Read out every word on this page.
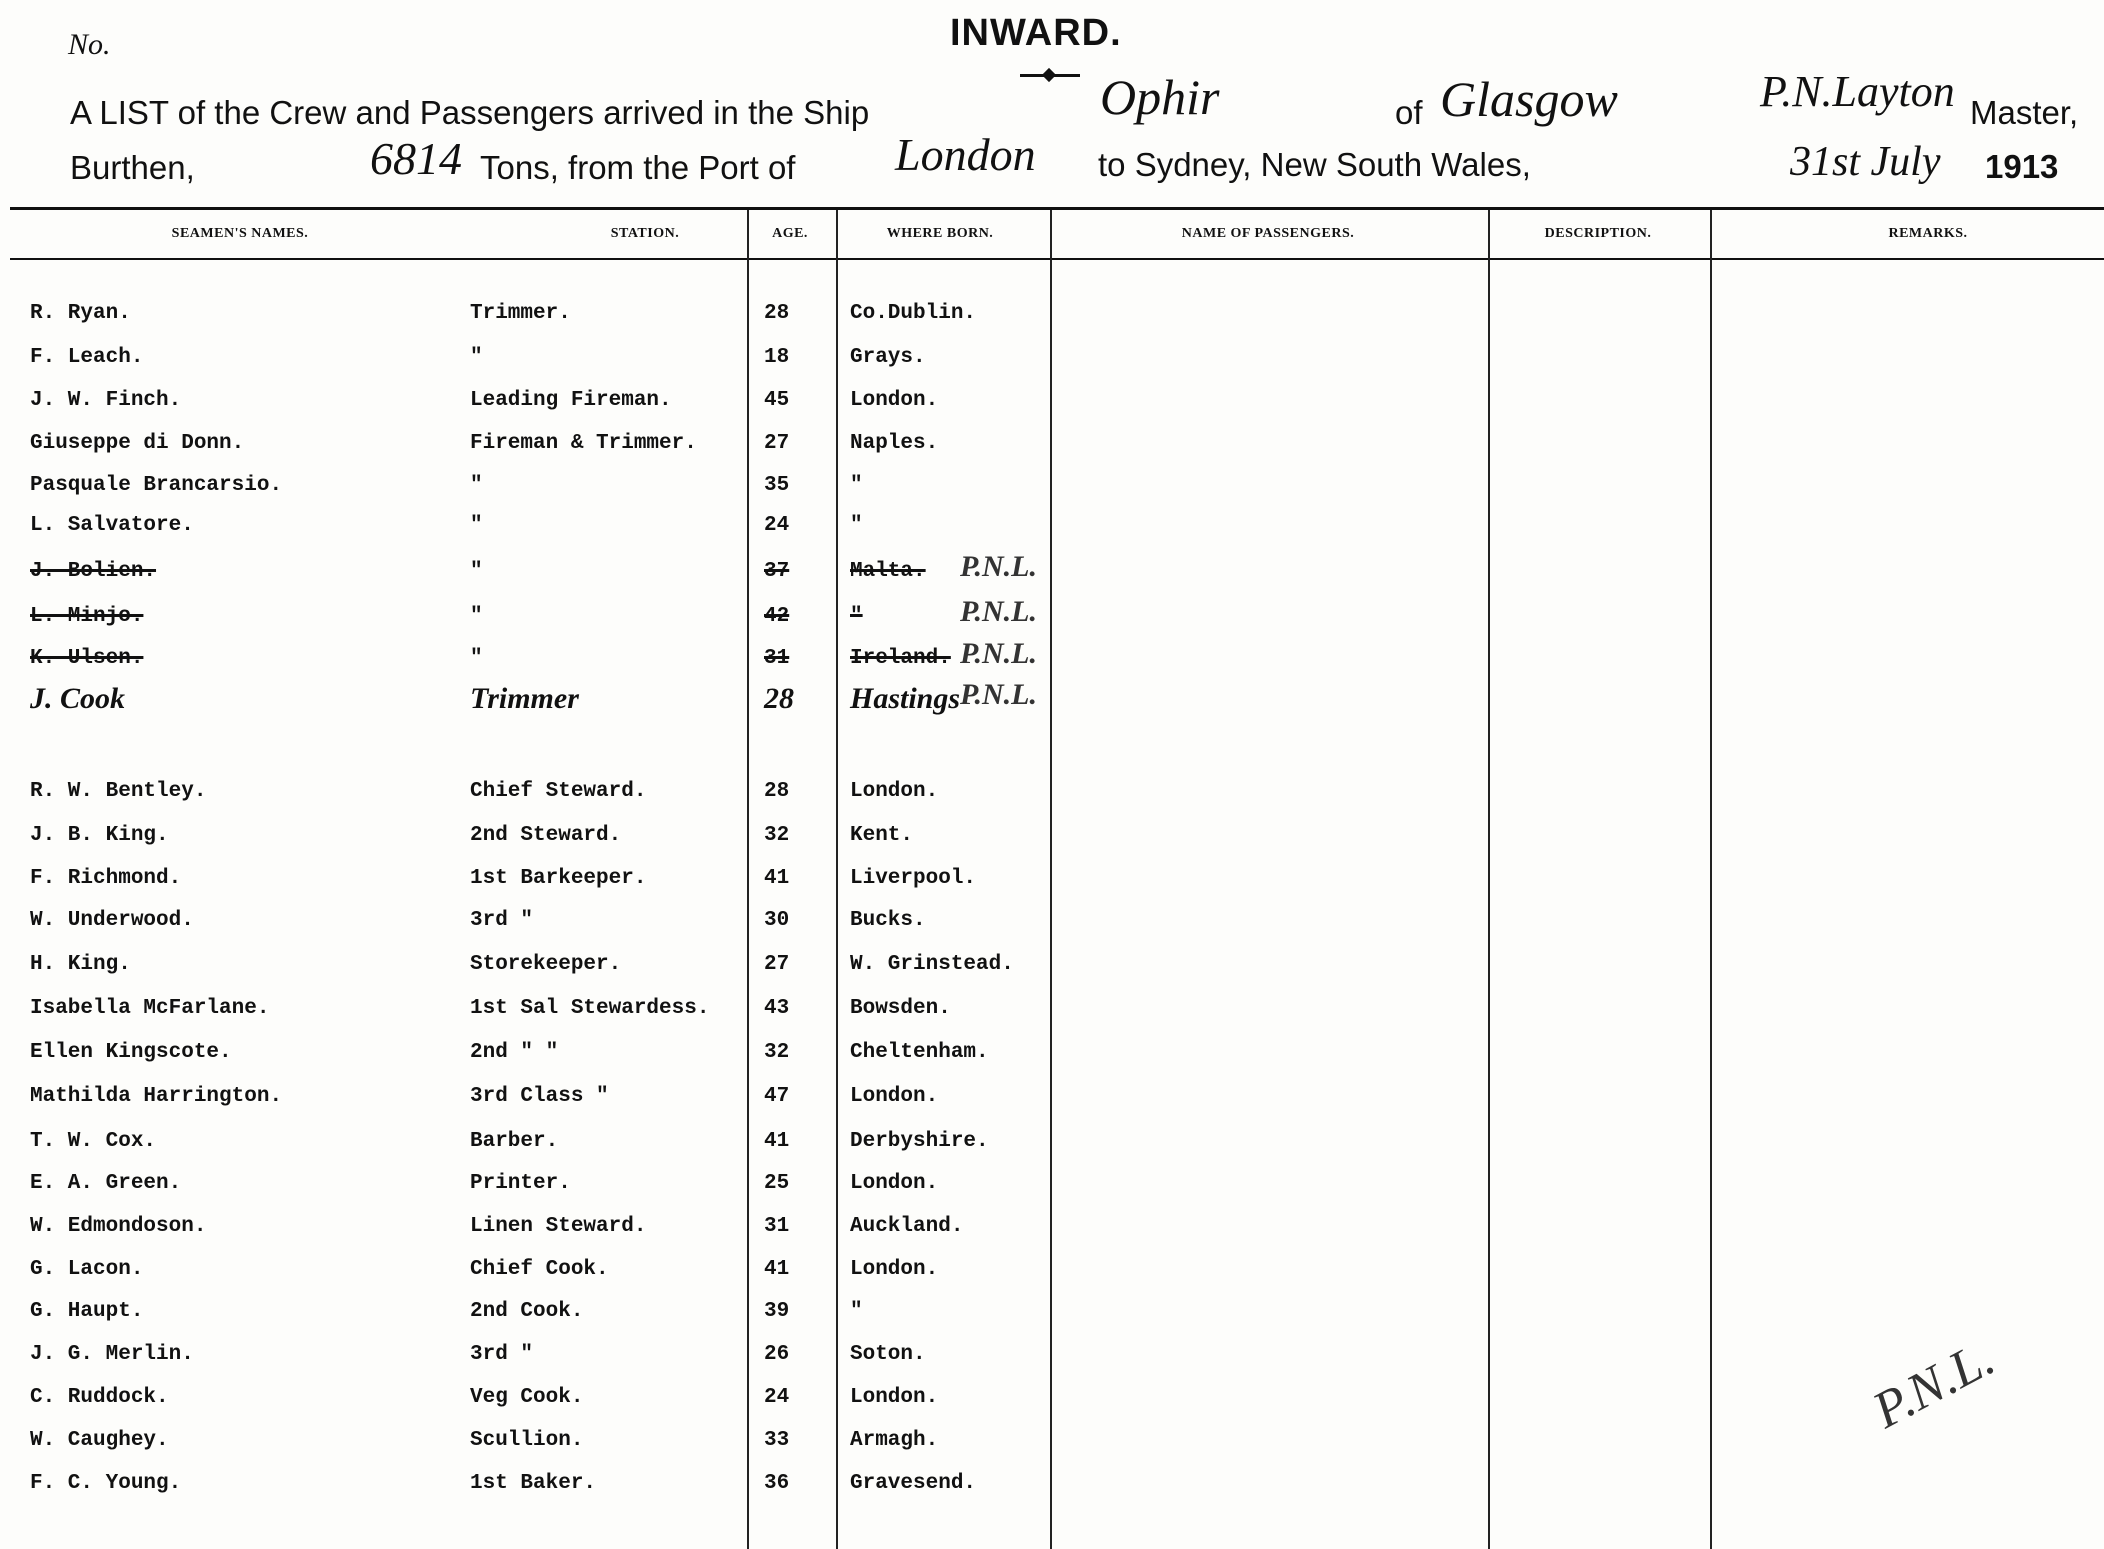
No.	INWARD.
A LIST of the Crew and Passengers arrived in the Ship	Ophir	of Glasgow	P.N.Layton Master,
Burthen,	6814 Tons, from the Port of London to Sydney, New South Wales,	31st July 1913
SEAMEN'S NAMES.	STATION.	AGE.	WHERE BORN.	NAME OF PASSENGERS.	DESCRIPTION.	REMARKS.
R. Ryan.	Trimmer.	28	Co.Dublin.
F. Leach.	"	18	Grays.
J. W. Finch.	Leading Fireman.	45	London.
Giuseppe di Donn.	Fireman & Trimmer.	27	Naples.
Pasquale Brancarsio.	"	35	"
L. Salvatore.	"	24	"
J. Bolien.	"	37	Malta. P.N.L.
L. Minjo.	"	42	"	P.N.L.
K. Ulsen.	"	31	Ireland. P.N.L.
J. Cook	Trimmer	28 Hastings P.N.L.
R. W. Bentley.	Chief Steward.	28	London.
J. B. King.	2nd Steward.	32	Kent.
F. Richmond.	1st Barkeeper.	41	Liverpool.
W. Underwood.	3rd "	30	Bucks.
H. King.	Storekeeper.	27	W. Grinstead.
Isabella McFarlane.	1st Sal Stewardess.	43	Bowsden.
Ellen Kingscote.	2nd " "	32	Cheltenham.
Mathilda Harrington.	3rd Class "	47	London.
T. W. Cox.	Barber.	41	Derbyshire.
E. A. Green.	Printer.	25	London.
W. Edmondoson.	Linen Steward.	31	Auckland.
G. Lacon.	Chief Cook.	41	London.
G. Haupt.	2nd Cook.	39	"
J. G. Merlin.	3rd "	26	Soton.
C. Ruddock.	Veg Cook.	24	London.
W. Caughey.	Scullion.	33	Armagh.
F. C. Young.	1st Baker.	36	Gravesend.
P.N.L.
